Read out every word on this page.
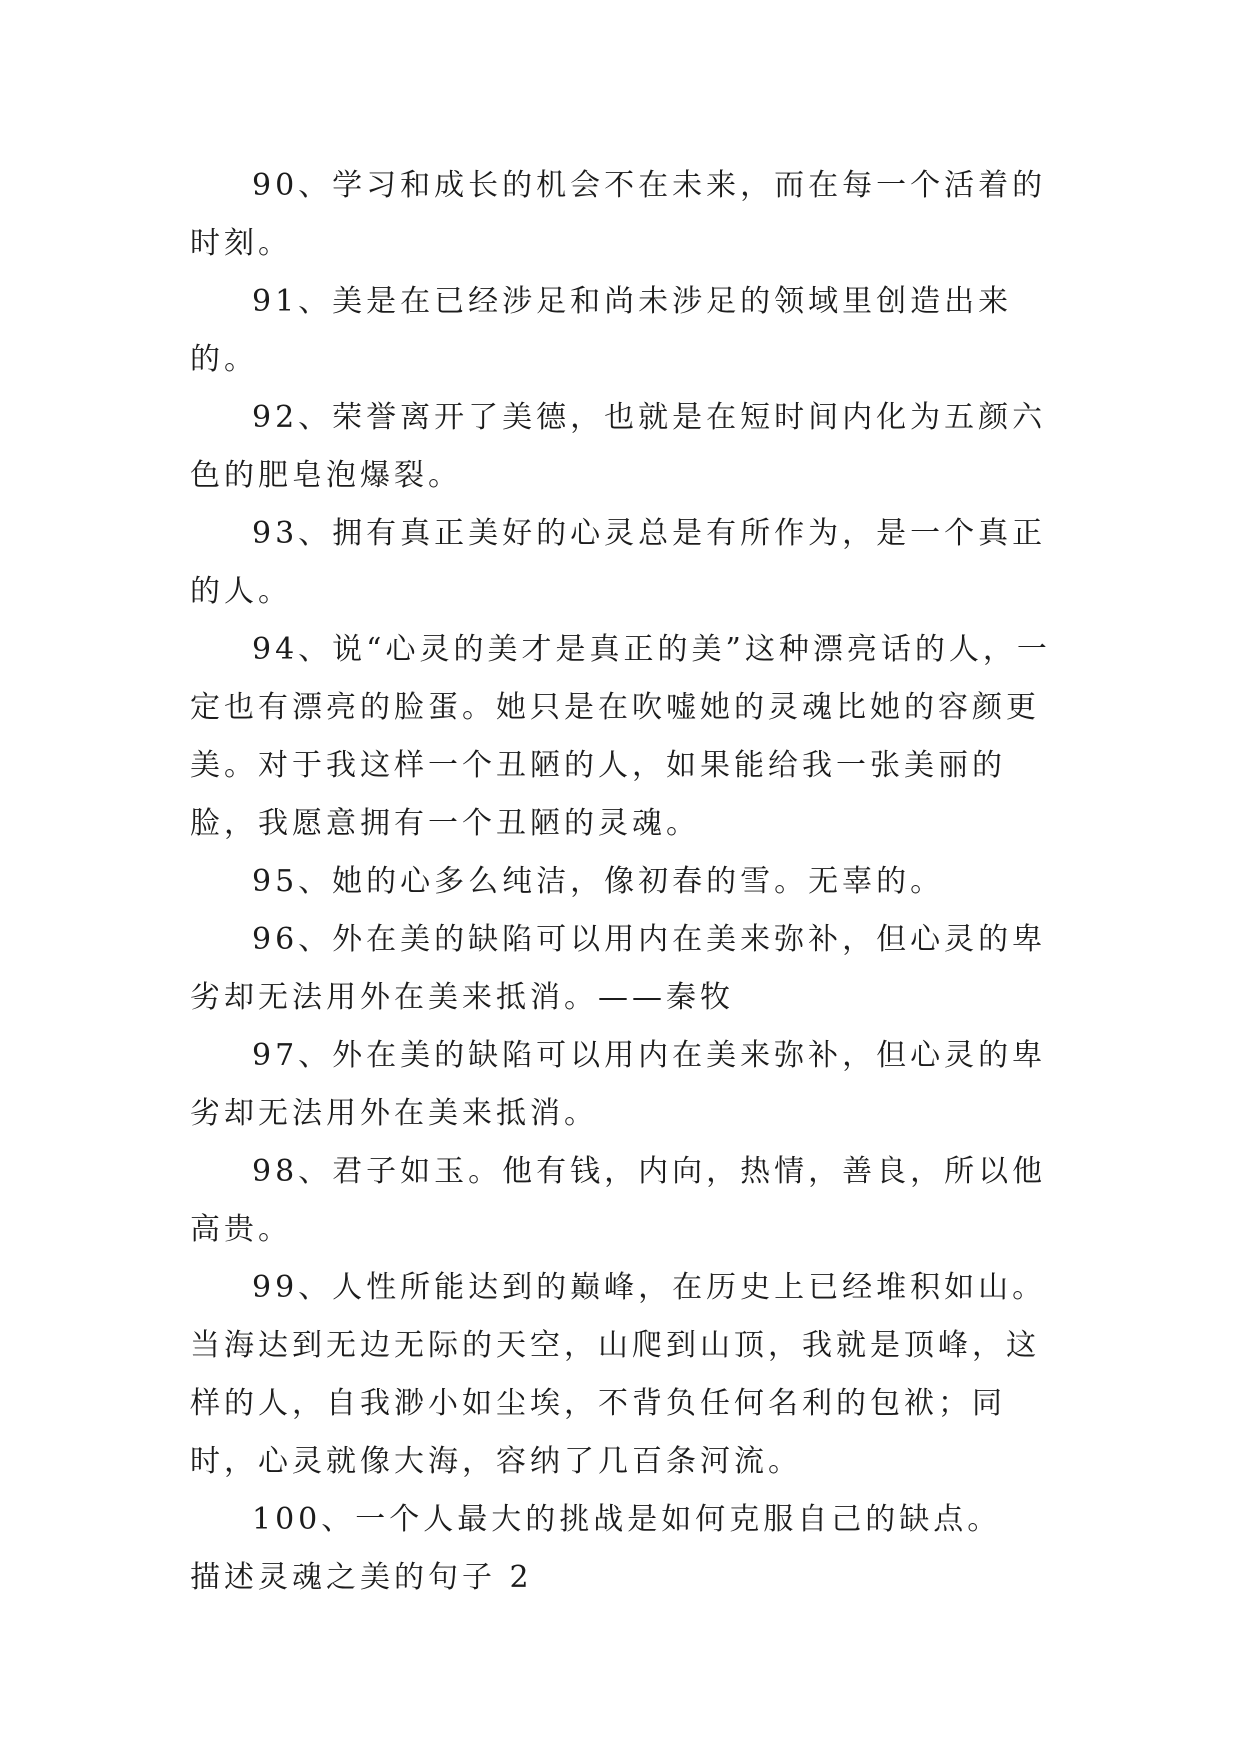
90、学习和成长的机会不在未来，而在每一个活着的时刻。

91、美是在已经涉足和尚未涉足的领域里创造出来的。

92、荣誉离开了美德，也就是在短时间内化为五颜六色的肥皂泡爆裂。

93、拥有真正美好的心灵总是有所作为，是一个真正的人。

94、说“心灵的美才是真正的美”这种漂亮话的人，一定也有漂亮的脸蛋。她只是在吹嘘她的灵魂比她的容颜更美。对于我这样一个丑陋的人，如果能给我一张美丽的脸，我愿意拥有一个丑陋的灵魂。

95、她的心多么纯洁，像初春的雪。无辜的。

96、外在美的缺陷可以用内在美来弥补，但心灵的卑劣却无法用外在美来抵消。——秦牧

97、外在美的缺陷可以用内在美来弥补，但心灵的卑劣却无法用外在美来抵消。

98、君子如玉。他有钱，内向，热情，善良，所以他高贵。

99、人性所能达到的巅峰，在历史上已经堆积如山。当海达到无边无际的天空，山爬到山顶，我就是顶峰，这样的人，自我渺小如尘埃，不背负任何名利的包袱；同时，心灵就像大海，容纳了几百条河流。

100、一个人最大的挑战是如何克服自己的缺点。

描述灵魂之美的句子 2
